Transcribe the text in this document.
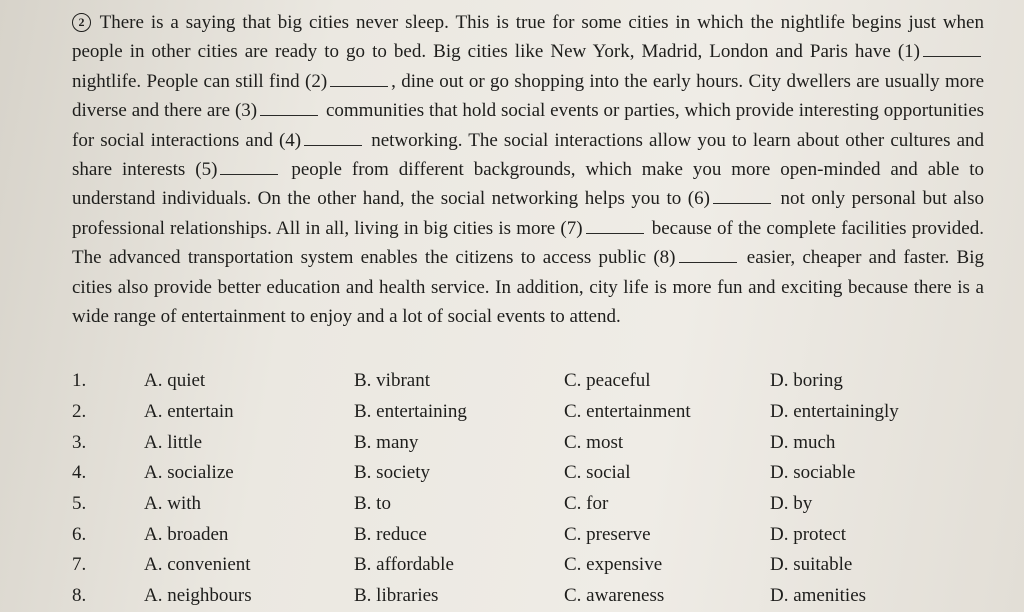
2 There is a saying that big cities never sleep. This is true for some cities in which the nightlife begins just when people in other cities are ready to go to bed. Big cities like New York, Madrid, London and Paris have (1) nightlife. People can still find (2)	, dine out or go shopping into the early hours. City dwellers are usually more diverse and there are (3)	communities that hold social events or parties, which provide interesting opportunities for social interactions and (4)	networking. The social interactions allow you to learn about other cultures and share interests (5)	people from different backgrounds, which make you more open-minded and able to understand individuals. On the other hand, the social networking helps you to (6)	not only personal but also professional relationships. All in all, living in big cities is more (7)	because of the complete facilities provided. The advanced transportation system enables the citizens to access public (8)	easier, cheaper and faster. Big cities also provide better education and health service. In addition, city life is more fun and exciting because there is a wide range of entertainment to enjoy and a lot of social events to attend.
1.	A. quiet	B. vibrant	C. peaceful	D. boring
2.	A. entertain	B. entertaining	C. entertainment	D. entertainingly
3.	A. little	B. many	C. most	D. much
4.	A. socialize	B. society	C. social	D. sociable
5.	A. with	B. to	C. for	D. by
6.	A. broaden	B. reduce	C. preserve	D. protect
7.	A. convenient	B. affordable	C. expensive	D. suitable
8.	A. neighbours	B. libraries	C. awareness	D. amenities
